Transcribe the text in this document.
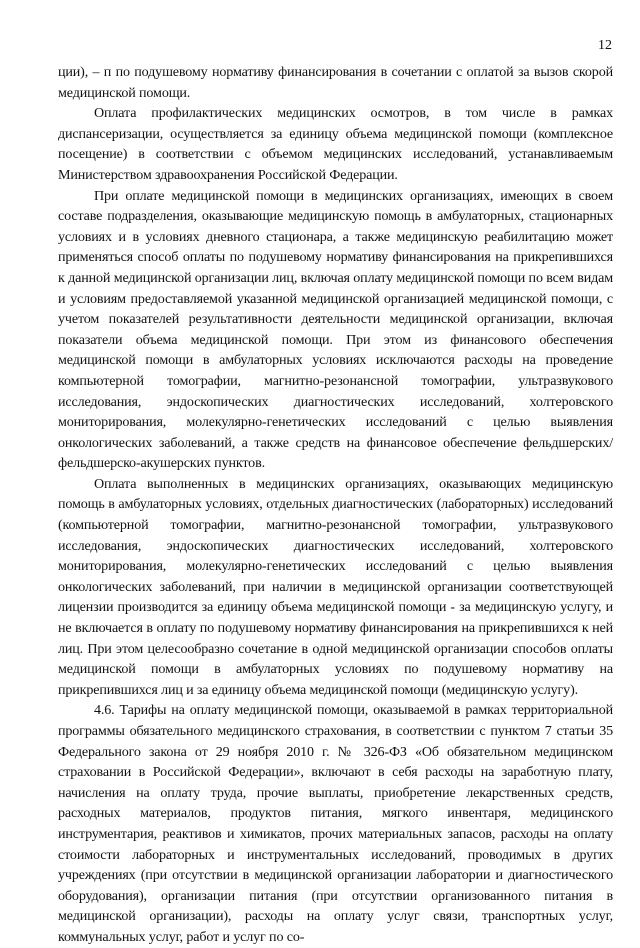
12

ции), – п по подушевому нормативу финансирования в сочетании с оплатой за вызов скорой медицинской помощи.

Оплата профилактических медицинских осмотров, в том числе в рамках диспансеризации, осуществляется за единицу объема медицинской помощи (комплексное посещение) в соответствии с объемом медицинских исследований, устанавливаемым Министерством здравоохранения Российской Федерации.

При оплате медицинской помощи в медицинских организациях, имеющих в своем составе подразделения, оказывающие медицинскую помощь в амбулаторных, стационарных условиях и в условиях дневного стационара, а также медицинскую реабилитацию может применяться способ оплаты по подушевому нормативу финансирования на прикрепившихся к данной медицинской организации лиц, включая оплату медицинской помощи по всем видам и условиям предоставляемой указанной медицинской организацией медицинской помощи, с учетом показателей результативности деятельности медицинской организации, включая показатели объема медицинской помощи. При этом из финансового обеспечения медицинской помощи в амбулаторных условиях исключаются расходы на проведение компьютерной томографии, магнитно-резонансной томографии, ультразвукового исследования, эндоскопических диагностических исследований, холтеровского мониторирования, молекулярно-генетических исследований с целью выявления онкологических заболеваний, а также средств на финансовое обеспечение фельдшерских/фельдшерско-акушерских пунктов.

Оплата выполненных в медицинских организациях, оказывающих медицинскую помощь в амбулаторных условиях, отдельных диагностических (лабораторных) исследований (компьютерной томографии, магнитно-резонансной томографии, ультразвукового исследования, эндоскопических диагностических исследований, холтеровского мониторирования, молекулярно-генетических исследований с целью выявления онкологических заболеваний, при наличии в медицинской организации соответствующей лицензии производится за единицу объема медицинской помощи - за медицинскую услугу, и не включается в оплату по подушевому нормативу финансирования на прикрепившихся к ней лиц. При этом целесообразно сочетание в одной медицинской организации способов оплаты медицинской помощи в амбулаторных условиях по подушевому нормативу на прикрепившихся лиц и за единицу объема медицинской помощи (медицинскую услугу).

4.6. Тарифы на оплату медицинской помощи, оказываемой в рамках территориальной программы обязательного медицинского страхования, в соответствии с пунктом 7 статьи 35 Федерального закона от 29 ноября 2010 г. № 326-ФЗ «Об обязательном медицинском страховании в Российской Федерации», включают в себя расходы на заработную плату, начисления на оплату труда, прочие выплаты, приобретение лекарственных средств, расходных материалов, продуктов питания, мягкого инвентаря, медицинского инструментария, реактивов и химикатов, прочих материальных запасов, расходы на оплату стоимости лабораторных и инструментальных исследований, проводимых в других учреждениях (при отсутствии в медицинской организации лаборатории и диагностического оборудования), организации питания (при отсутствии организованного питания в медицинской организации), расходы на оплату услуг связи, транспортных услуг, коммунальных услуг, работ и услуг по со-
